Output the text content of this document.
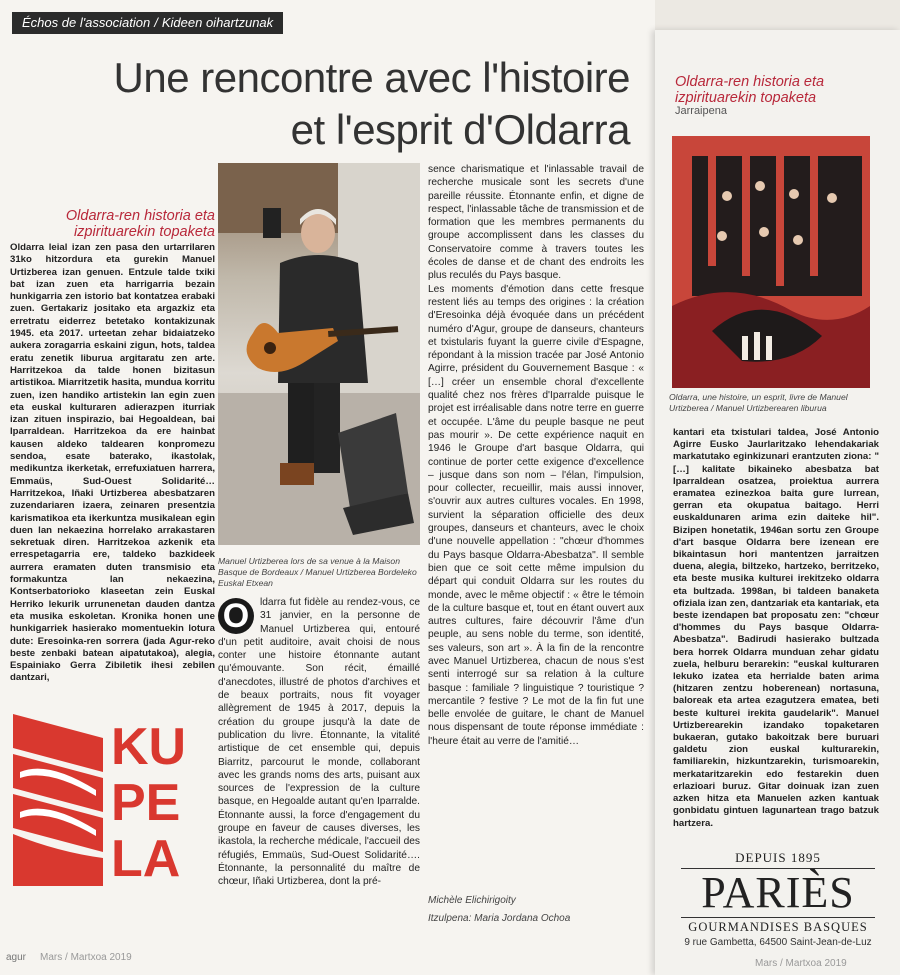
Échos de l'association / Kideen oihartzunak
Une rencontre avec l'histoire
et l'esprit d'Oldarra
Oldarra-ren historia eta
izpirituarekin topaketa

Oldarra leial izan zen pasa den urtarrilaren 31ko hitzordura eta gurekin Manuel Urtizberea izan genuen. Entzule talde txiki bat izan zuen eta harrigarria bezain hunkigarria zen istorio bat kontatzea erabaki zuen. Gertakariz jositako eta argazkiz eta erretratu eiderrez betetako kontakizunak 1945. eta 2017. urteetan zehar bidaiatzeko aukera zoragarria eskaini zigun, hots, taldea eratu zenetik liburua argitaratu zen arte. Harritzekoa da talde honen bizitasun artistikoa. Miarritzetik hasita, mundua korritu zuen, izen handiko artistekin lan egin zuen eta euskal kulturaren adierazpen iturriak izan zituen inspirazio, bai Hegoaldean, bai Iparraldean. Harritzekoa da ere hainbat kausen aldeko taldearen konpromezu sendoa, esate baterako, ikastolak, medikuntza ikerketak, errefuxiatuen harrera, Emmaüs, Sud-Ouest Solidarité… Harritzekoa, Iñaki Urtizberea abesbatzaren zuzendariaren izaera, zeinaren presentzia karismatikoa eta ikerkuntza musikalean egin duen lan nekaezina horrelako arrakastaren sekretuak diren. Harritzekoa azkenik eta errespetagarria ere, taldeko bazkideek aurrera eramaten duten transmisio eta formakuntza lan nekaezina, Kontserbatorioko klaseetan zein Euskal Herriko lekurik urrunenetan dauden dantza eta musika eskoletan. Kronika honen une hunkigarriek hasierako momentuekin lotura dute: Eresoinka-ren sorrera (jada Agur-reko beste zenbaki batean aipatutakoa), alegia, Espainiako Gerra Zibiletik ihesi zebilen dantzari,

Manuel Urtizberea lors de sa venue à la Maison Basque de Bordeaux / Manuel Urtizberea Bordeleko Euskal Etxean

O	ldarra fut fidèle au rendez-vous, ce 31 janvier, en la personne de Manuel Urtizberea qui, entouré d'un petit auditoire, avait choisi de nous conter une histoire étonnante autant qu'émouvante. Son récit, émaillé d'anecdotes, illustré de photos d'archives et de beaux portraits, nous fit voyager allègrement de 1945 à 2017, depuis la création du groupe jusqu'à la date de publication du livre. Étonnante, la vitalité artistique de cet ensemble qui, depuis Biarritz, parcourut le monde, collaborant avec les grands noms des arts, puisant aux sources de l'expression de la culture basque, en Hegoalde autant qu'en Iparralde. Étonnante aussi, la force d'engagement du groupe en faveur de causes diverses, les ikastola, la recherche médicale, l'accueil des réfugiés, Emmaüs, Sud-Ouest Solidarité…. Étonnante, la personnalité du maître de chœur, Iñaki Urtizberea, dont la pré-

sence charismatique et l'inlassable travail de recherche musicale sont les secrets d'une pareille réussite. Étonnante enfin, et digne de respect, l'inlassable tâche de transmission et de formation que les membres permanents du groupe accomplissent dans les classes du Conservatoire comme à travers toutes les écoles de danse et de chant des endroits les plus reculés du Pays basque.

Les moments d'émotion dans cette fresque restent liés au temps des origines : la création d'Eresoinka déjà évoquée dans un précédent numéro d'Agur, groupe de danseurs, chanteurs et txistularis fuyant la guerre civile d'Espagne, répondant à la mission tracée par José Antonio Agirre, président du Gouvernement Basque : « […] créer un ensemble choral d'excellente qualité chez nos frères d'Iparralde puisque le projet est irréalisable dans notre terre en guerre et occupée. L'âme du peuple basque ne peut pas mourir ». De cette expérience naquit en 1946 le Groupe d'art basque Oldarra, qui continue de porter cette exigence d'excellence – jusque dans son nom – l'élan, l'impulsion, pour collecter, recueillir, mais aussi innover, s'ouvrir aux autres cultures vocales. En 1998, survient la séparation officielle des deux groupes, danseurs et chanteurs, avec le choix d'une nouvelle appellation : "chœur d'hommes du Pays basque Oldarra-Abesbatza". Il semble bien que ce soit cette même impulsion du départ qui conduit Oldarra sur les routes du monde, avec le même objectif : « être le témoin de la culture basque et, tout en étant ouvert aux autres cultures, faire découvrir l'âme d'un peuple, au sens noble du terme, son identité, ses valeurs, son art ». À la fin de la rencontre avec Manuel Urtizberea, chacun de nous s'est senti interrogé sur sa relation à la culture basque : familiale ? linguistique ? touristique ? mercantile ? festive ? Le mot de la fin fut une belle envolée de guitare, le chant de Manuel nous dispensant de toute réponse immédiate : l'heure était au verre de l'amitié…

Michèle Elichirigoity
Itzulpena: Maria Jordana Ochoa
KU
PE
LA
agur Mars / Martxoa 2019
Oldarra-ren historia eta
izpirituarekin topaketa
Jarraipena

Oldarra, une histoire, un esprit, livre de Manuel Urtizberea / Manuel Urtizberearen liburua

kantari eta txistulari taldea, José Antonio Agirre Eusko Jaurlaritzako lehendakariak markatutako eginkizunari erantzuten ziona: "[…] kalitate bikaineko abesbatza bat Iparraldean osatzea, proiektua aurrera eramatea ezinezkoa baita gure lurrean, gerran eta okupatua baitago. Herri euskaldunaren arima ezin daiteke hil". Bizipen honetatik, 1946an sortu zen Groupe d'art basque Oldarra bere izenean ere bikaintasun hori mantentzen jarraitzen duena, alegia, biltzeko, hartzeko, berritzeko, eta beste musika kulturei irekitzeko oldarra eta bultzada. 1998an, bi taldeen banaketa ofiziala izan zen, dantzariak eta kantariak, eta beste izendapen bat proposatu zen: "chœur d'hommes du Pays basque Oldarra-Abesbatza". Badirudi hasierako bultzada bera horrek Oldarra munduan zehar gidatu zuela, helburu berarekin: "euskal kulturaren lekuko izatea eta herrialde baten arima (hitzaren zentzu hoberenean) nortasuna, baloreak eta artea ezagutzera ematea, beti beste kulturei irekita gaudelarik". Manuel Urtizberearekin izandako topaketaren bukaeran, gutako bakoitzak bere buruari galdetu zion euskal kulturarekin, familiarekin, hizkuntzarekin, turismoarekin, merkataritzarekin edo festarekin duen erlazioari buruz. Gitar doinuak izan zuen azken hitza eta Manuelen azken kantuak gonbidatu gintuen lagunartean trago batzuk hartzera.

DEPUIS 1895
PARIÈS
GOURMANDISES BASQUES
9 rue Gambetta, 64500 Saint-Jean-de-Luz
Mars / Martxoa 2019
